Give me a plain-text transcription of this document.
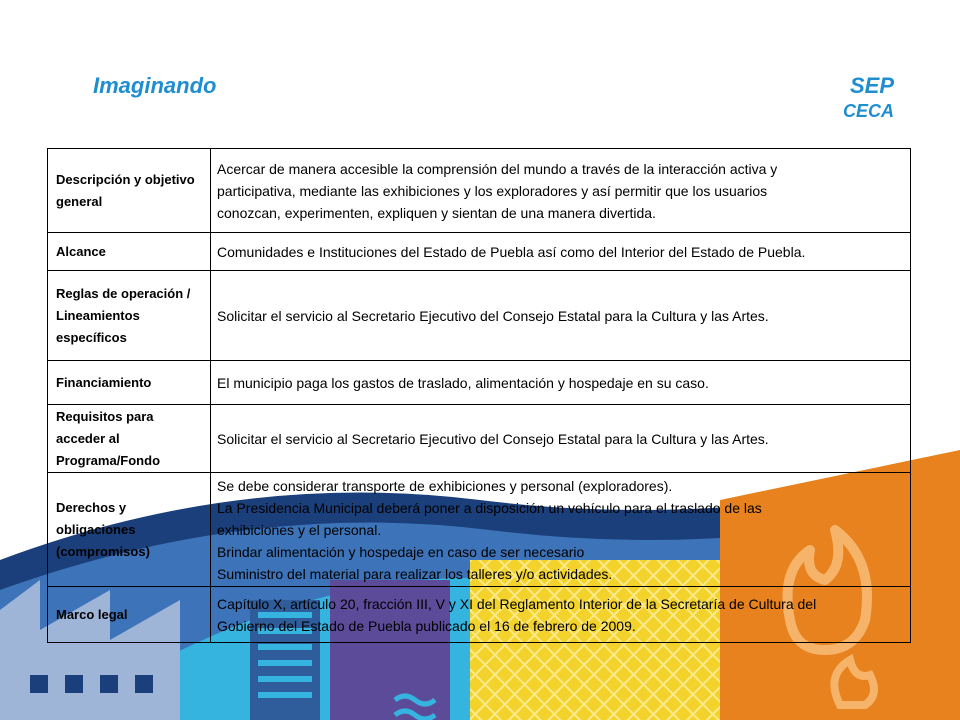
Imaginando	SEP
CECA
Descripción y objetivo general	Acercar de manera accesible la comprensión del mundo a través de la interacción activa y
participativa, mediante las exhibiciones y los exploradores y así permitir que los usuarios
conozcan, experimenten, expliquen y sientan de una manera divertida.

Alcance	Comunidades e Instituciones del Estado de Puebla así como del Interior del Estado de Puebla.

Reglas de operación / Lineamientos específicos	Solicitar el servicio al Secretario Ejecutivo del Consejo Estatal para la Cultura y las Artes.

Financiamiento	El municipio paga los gastos de traslado, alimentación y hospedaje en su caso.

Requisitos para acceder al Programa/Fondo	Solicitar el servicio al Secretario Ejecutivo del Consejo Estatal para la Cultura y las Artes.

Derechos y obligaciones (compromisos)	Se debe considerar transporte de exhibiciones y personal (exploradores).
La Presidencia Municipal deberá poner a disposición un vehículo para el traslado de las
exhibiciones y el personal.
Brindar alimentación y hospedaje en caso de ser necesario
Suministro del material para realizar los talleres y/o actividades.

Marco legal	Capítulo X, artículo 20, fracción III, V y XI del Reglamento Interior de la Secretaría de Cultura del
Gobierno del Estado de Puebla publicado el 16 de febrero de 2009.
